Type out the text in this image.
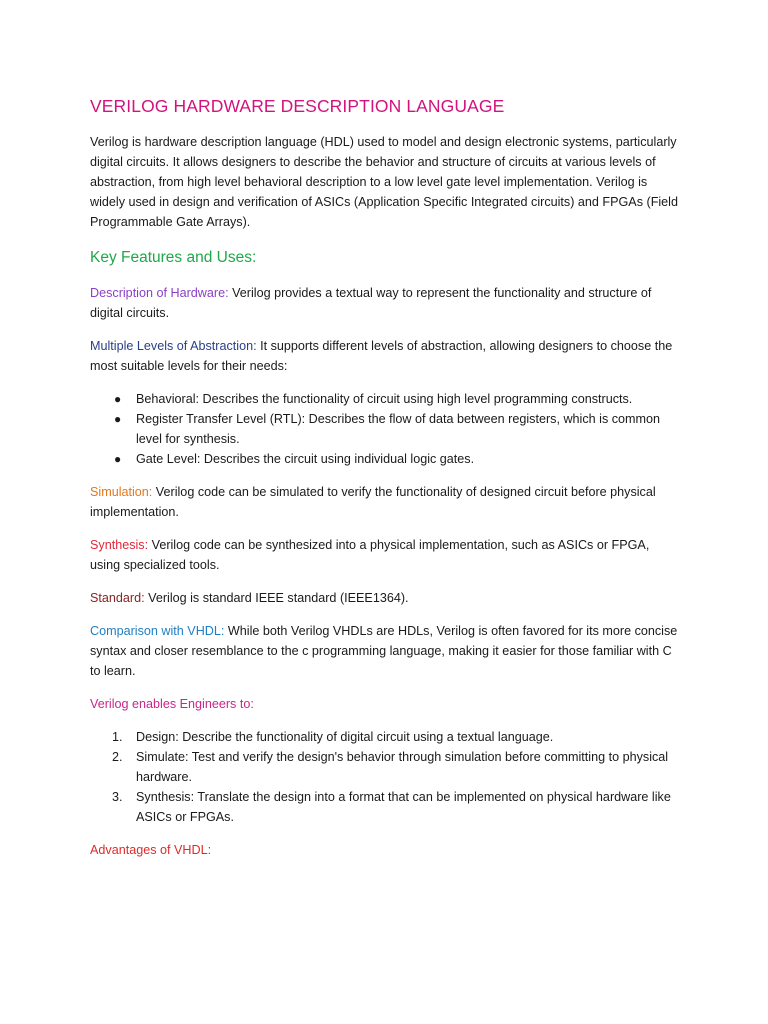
VERILOG HARDWARE DESCRIPTION LANGUAGE

Verilog is hardware description language (HDL) used to model and design electronic systems, particularly digital circuits. It allows designers to describe the behavior and structure of circuits at various levels of abstraction, from high level behavioral description to a low level gate level implementation. Verilog is widely used in design and verification of ASICs (Application Specific Integrated circuits) and FPGAs (Field Programmable Gate Arrays).

Key Features and Uses:

Description of Hardware: Verilog provides a textual way to represent the functionality and structure of digital circuits.

Multiple Levels of Abstraction: It supports different levels of abstraction, allowing designers to choose the most suitable levels for their needs:

● Behavioral: Describes the functionality of circuit using high level programming constructs.
● Register Transfer Level (RTL): Describes the flow of data between registers, which is common level for synthesis.
● Gate Level: Describes the circuit using individual logic gates.

Simulation: Verilog code can be simulated to verify the functionality of designed circuit before physical implementation.

Synthesis: Verilog code can be synthesized into a physical implementation, such as ASICs or FPGA, using specialized tools.

Standard: Verilog is standard IEEE standard (IEEE1364).

Comparison with VHDL: While both Verilog VHDLs are HDLs, Verilog is often favored for its more concise syntax and closer resemblance to the c programming language, making it easier for those familiar with C to learn.

Verilog enables Engineers to:

1. Design: Describe the functionality of digital circuit using a textual language.
2. Simulate: Test and verify the design's behavior through simulation before committing to physical hardware.
3. Synthesis: Translate the design into a format that can be implemented on physical hardware like ASICs or FPGAs.

Advantages of VHDL:
